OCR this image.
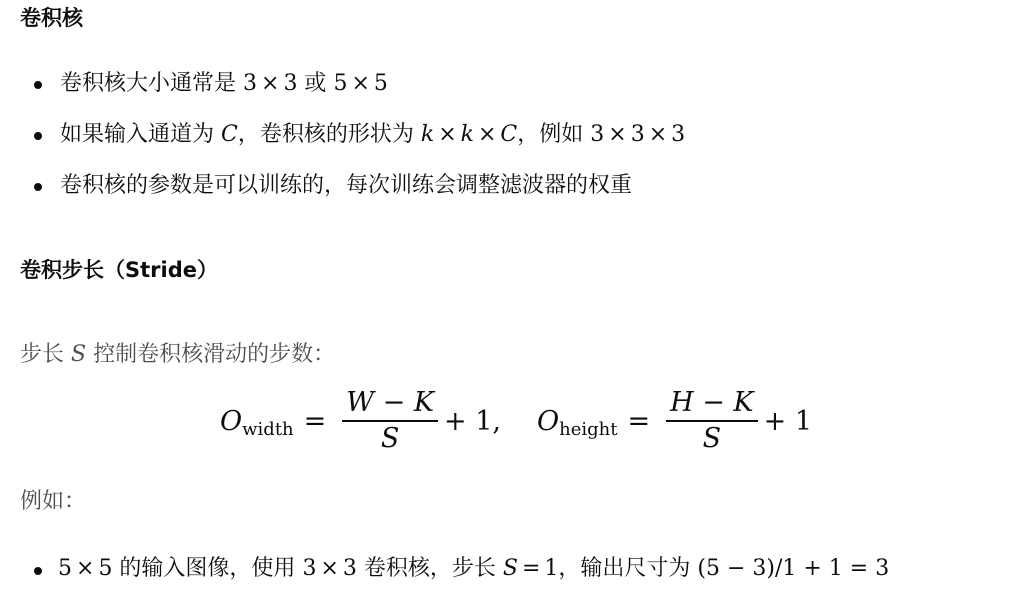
卷积核
卷积核大小通常是 3 × 3 或 5 × 5
如果输入通道为 C，卷积核的形状为 k × k × C，例如 3 × 3 × 3
卷积核的参数是可以训练的，每次训练会调整滤波器的权重
卷积步长（Stride）
步长 S 控制卷积核滑动的步数：
O width = $\frac{W - K}{S} + 1$, O height = $\frac{H - K}{S} + 1$
例如：
5 × 5 的输入图像，使用 3 × 3 卷积核，步长 S = 1，输出尺寸为 (5 − 3)/1 + 1 = 3
